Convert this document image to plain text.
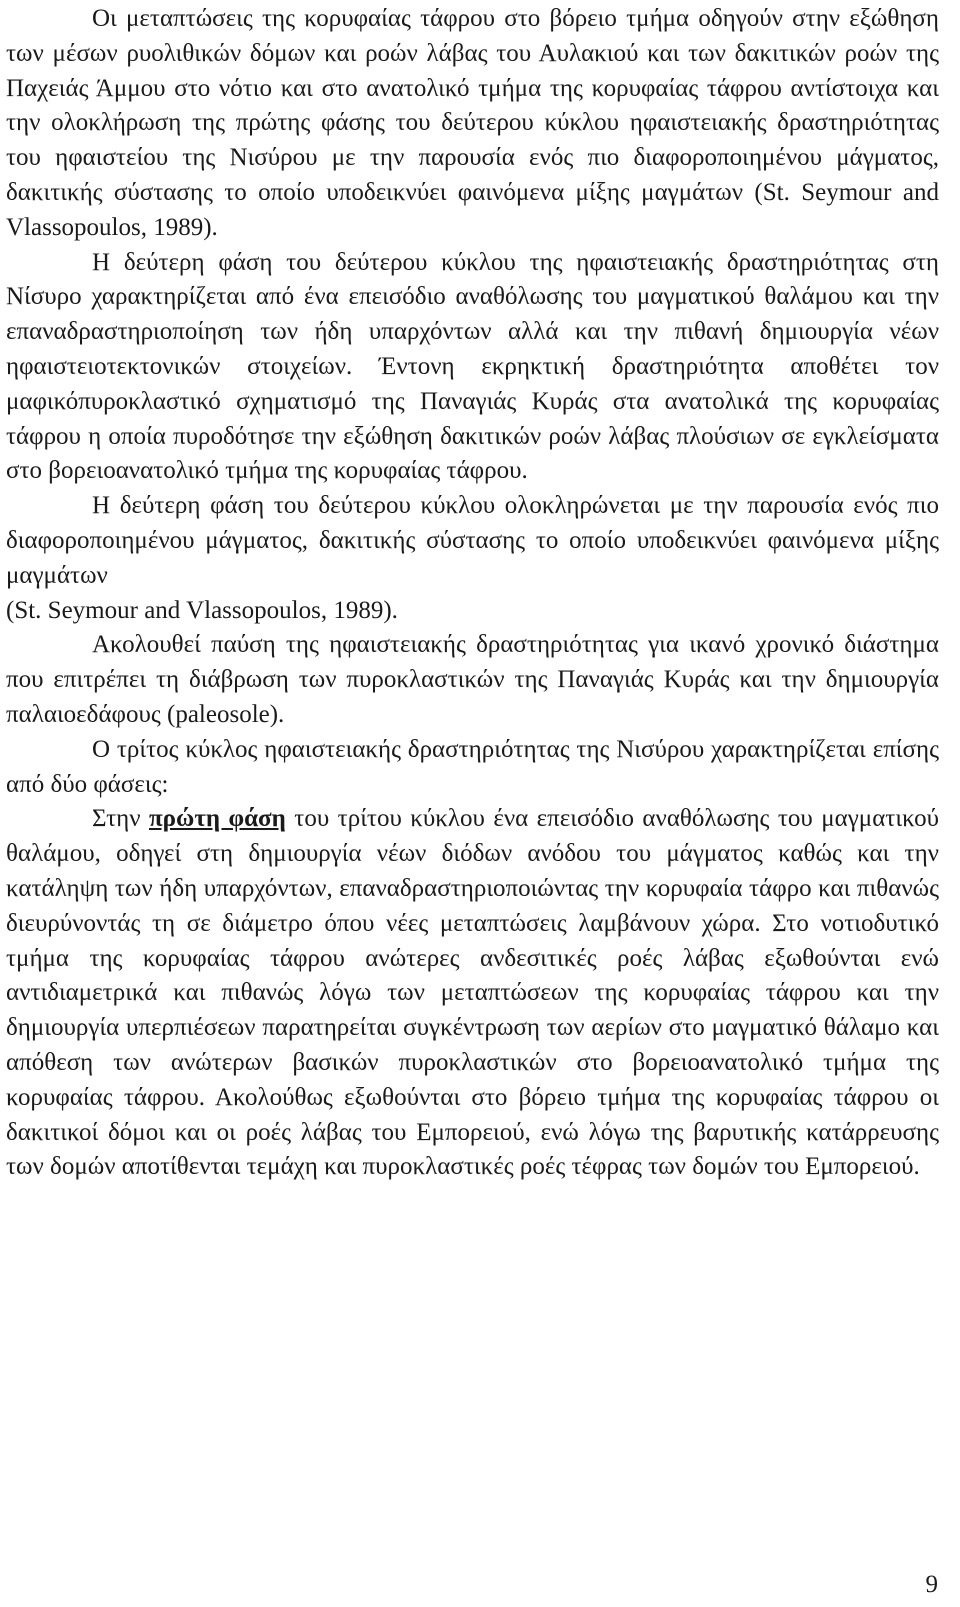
Οι μεταπτώσεις της κορυφαίας τάφρου στο βόρειο τμήμα οδηγούν στην εξώθηση των μέσων ρυολιθικών δόμων και ροών λάβας του Αυλακιού και των δακιτικών ροών της Παχειάς Άμμου στο νότιο και στο ανατολικό τμήμα της κορυφαίας τάφρου αντίστοιχα και την ολοκλήρωση της πρώτης φάσης του δεύτερου κύκλου ηφαιστειακής δραστηριότητας του ηφαιστείου της Νισύρου με την παρουσία ενός πιο διαφοροποιημένου μάγματος, δακιτικής σύστασης το οποίο υποδεικνύει φαινόμενα μίξης μαγμάτων (St. Seymour and Vlassopoulos, 1989).

Η δεύτερη φάση του δεύτερου κύκλου της ηφαιστειακής δραστηριότητας στη Νίσυρο χαρακτηρίζεται από ένα επεισόδιο αναθόλωσης του μαγματικού θαλάμου και την επαναδραστηριοποίηση των ήδη υπαρχόντων αλλά και την πιθανή δημιουργία νέων ηφαιστειοτεκτονικών στοιχείων. Έντονη εκρηκτική δραστηριότητα αποθέτει τον μαφικόπυροκλαστικό σχηματισμό της Παναγιάς Κυράς στα ανατολικά της κορυφαίας τάφρου η οποία πυροδότησε την εξώθηση δακιτικών ροών λάβας πλούσιων σε εγκλείσματα στο βορειοανατολικό τμήμα της κορυφαίας τάφρου.

Η δεύτερη φάση του δεύτερου κύκλου ολοκληρώνεται με την παρουσία ενός πιο διαφοροποιημένου μάγματος, δακιτικής σύστασης το οποίο υποδεικνύει φαινόμενα μίξης μαγμάτων

(St. Seymour and Vlassopoulos, 1989).

Ακολουθεί παύση της ηφαιστειακής δραστηριότητας για ικανό χρονικό διάστημα που επιτρέπει τη διάβρωση των πυροκλαστικών της Παναγιάς Κυράς και την δημιουργία παλαιοεδάφους (paleosole).

Ο τρίτος κύκλος ηφαιστειακής δραστηριότητας της Νισύρου χαρακτηρίζεται επίσης από δύο φάσεις:

Στην πρώτη φάση του τρίτου κύκλου ένα επεισόδιο αναθόλωσης του μαγματικού θαλάμου, οδηγεί στη δημιουργία νέων διόδων ανόδου του μάγματος καθώς και την κατάληψη των ήδη υπαρχόντων, επαναδραστηριοποιώντας την κορυφαία τάφρο και πιθανώς διευρύνοντάς τη σε διάμετρο όπου νέες μεταπτώσεις λαμβάνουν χώρα. Στο νοτιοδυτικό τμήμα της κορυφαίας τάφρου ανώτερες ανδεσιτικές ροές λάβας εξωθούνται ενώ αντιδιαμετρικά και πιθανώς λόγω των μεταπτώσεων της κορυφαίας τάφρου και την δημιουργία υπερπιέσεων παρατηρείται συγκέντρωση των αερίων στο μαγματικό θάλαμο και απόθεση των ανώτερων βασικών πυροκλαστικών στο βορειοανατολικό τμήμα της κορυφαίας τάφρου. Ακολούθως εξωθούνται στο βόρειο τμήμα της κορυφαίας τάφρου οι δακιτικοί δόμοι και οι ροές λάβας του Εμπορειού, ενώ λόγω της βαρυτικής κατάρρευσης των δομών αποτίθενται τεμάχη και πυροκλαστικές ροές τέφρας των δομών του Εμπορειού.

9
